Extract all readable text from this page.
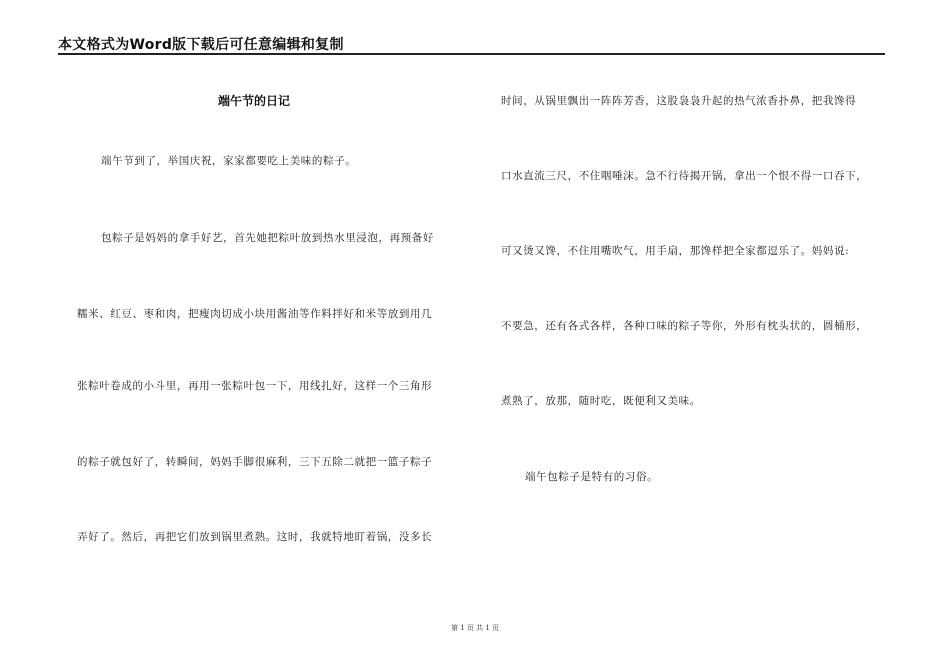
本文格式为Word版下载后可任意编辑和复制
端午节的日记
端午节到了，举国庆祝，家家都要吃上美味的粽子。
包粽子是妈妈的拿手好艺，首先她把粽叶放到热水里浸泡，再预备好
糯米、红豆、枣和肉，把瘦肉切成小块用酱油等作料拌好和米等放到用几
张粽叶卷成的小斗里，再用一张粽叶包一下，用线扎好，这样一个三角形
的粽子就包好了，转瞬间，妈妈手脚很麻利，三下五除二就把一篮子粽子
弄好了。然后，再把它们放到锅里煮熟。这时，我就特地盯着锅，没多长
时间，从锅里飘出一阵阵芳香，这股袅袅升起的热气浓香扑鼻，把我馋得
口水直流三尺，不住咽唾沫。急不行待揭开锅，拿出一个恨不得一口吞下，
可又烫又馋，不住用嘴吹气，用手扇，那馋样把全家都逗乐了。妈妈说:
不要急，还有各式各样，各种口味的粽子等你，外形有枕头状的，圆桶形，
煮熟了，放那，随时吃，既便利又美味。
端午包粽子是特有的习俗。
第 1 页 共 1 页
